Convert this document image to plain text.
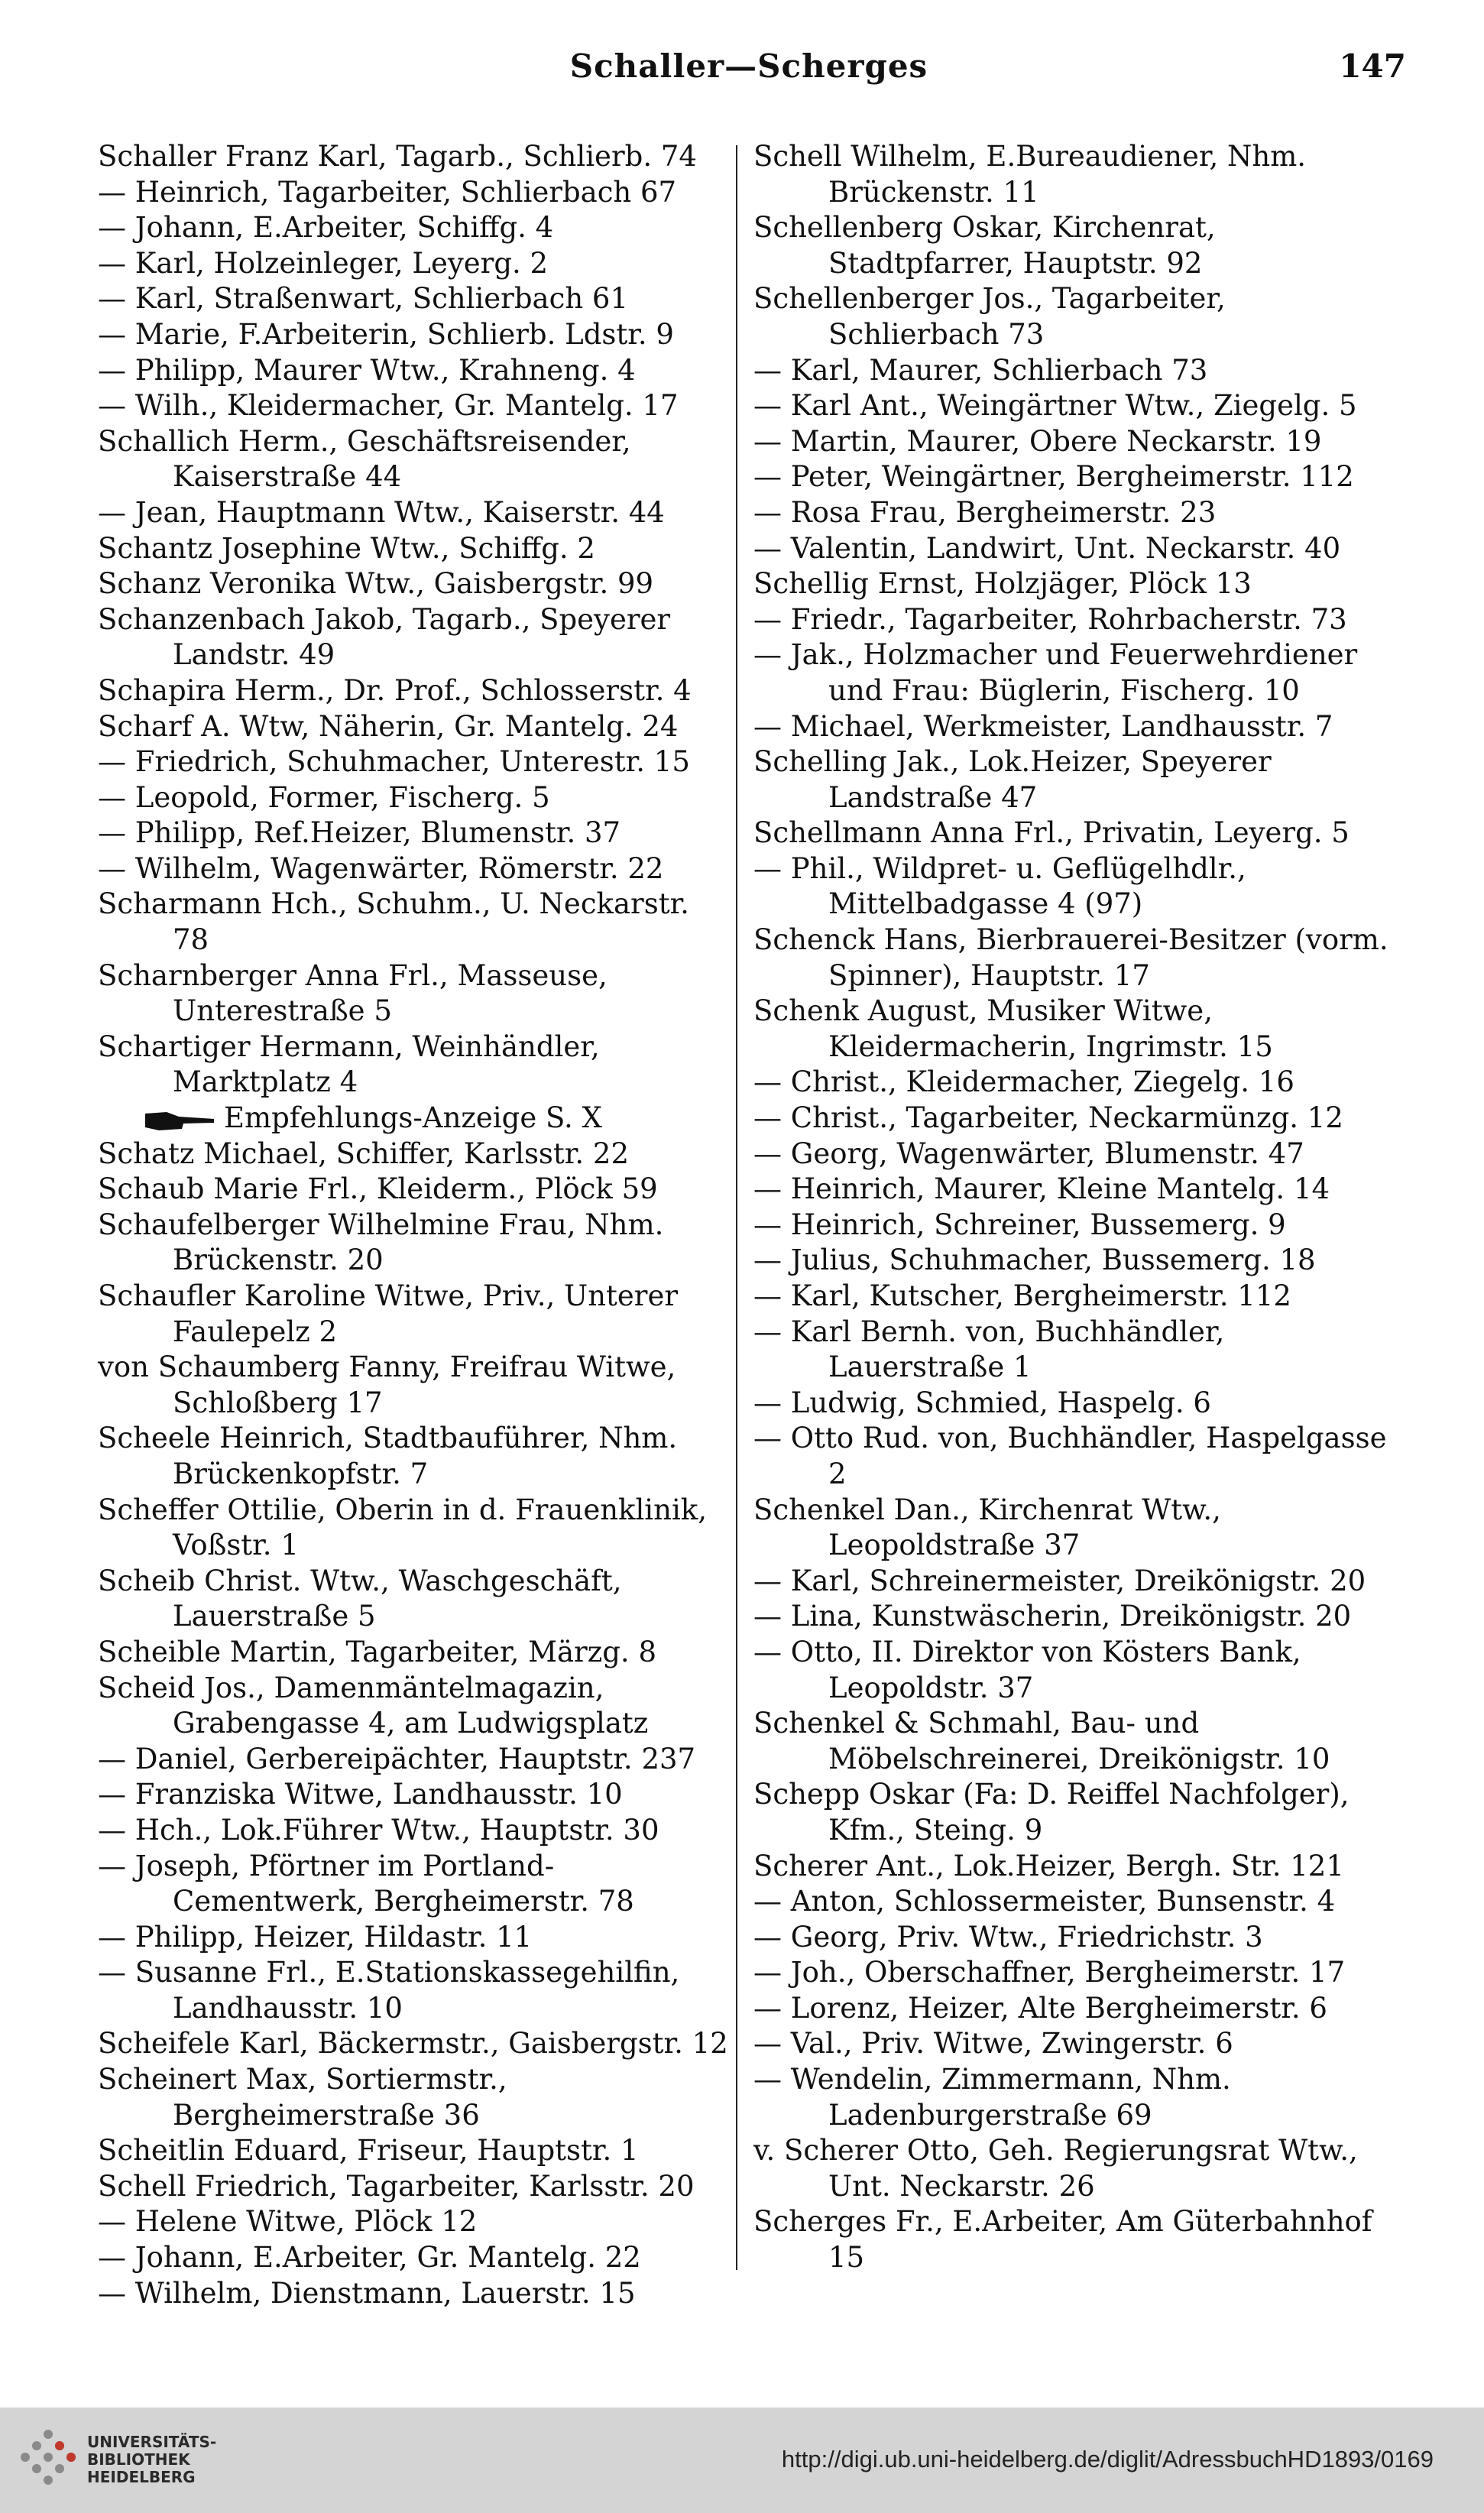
Schaller—Scherges	147

Schaller Franz Karl, Tagarb., Schlierb. 74

— Heinrich, Tagarbeiter, Schlierbach 67

— Johann, E.Arbeiter, Schiffg. 4

— Karl, Holzeinleger, Leyerg. 2

— Karl, Straßenwart, Schlierbach 61

— Marie, F.Arbeiterin, Schlierb. Ldstr. 9

— Philipp, Maurer Wtw., Krahneng. 4

— Wilh., Kleidermacher, Gr. Mantelg. 17

Schallich Herm., Geschäftsreisender, Kaiserstraße 44

— Jean, Hauptmann Wtw., Kaiserstr. 44

Schantz Josephine Wtw., Schiffg. 2

Schanz Veronika Wtw., Gaisbergstr. 99

Schanzenbach Jakob, Tagarb., Speyerer Landstr. 49

Schapira Herm., Dr. Prof., Schlosserstr. 4

Scharf A. Wtw, Näherin, Gr. Mantelg. 24

— Friedrich, Schuhmacher, Unterestr. 15

— Leopold, Former, Fischerg. 5

— Philipp, Ref.Heizer, Blumenstr. 37

— Wilhelm, Wagenwärter, Römerstr. 22

Scharmann Hch., Schuhm., U. Neckarstr. 78

Scharnberger Anna Frl., Masseuse, Unterestraße 5

Schartiger Hermann, Weinhändler, Marktplatz 4

Empfehlungs-Anzeige S. X

Schatz Michael, Schiffer, Karlsstr. 22

Schaub Marie Frl., Kleiderm., Plöck 59

Schaufelberger Wilhelmine Frau, Nhm. Brückenstr. 20

Schaufler Karoline Witwe, Priv., Unterer Faulepelz 2

von Schaumberg Fanny, Freifrau Witwe, Schloßberg 17

Scheele Heinrich, Stadtbauführer, Nhm. Brückenkopfstr. 7

Scheffer Ottilie, Oberin in d. Frauenklinik, Voßstr. 1

Scheib Christ. Wtw., Waschgeschäft, Lauerstraße 5

Scheible Martin, Tagarbeiter, Märzg. 8

Scheid Jos., Damenmäntelmagazin, Grabengasse 4, am Ludwigsplatz

— Daniel, Gerbereipächter, Hauptstr. 237

— Franziska Witwe, Landhausstr. 10

— Hch., Lok.Führer Wtw., Hauptstr. 30

— Joseph, Pförtner im Portland-Cementwerk, Bergheimerstr. 78

— Philipp, Heizer, Hildastr. 11

— Susanne Frl., E.Stationskassegehilfin, Landhausstr. 10

Scheifele Karl, Bäckermstr., Gaisbergstr. 12

Scheinert Max, Sortiermstr., Bergheimerstraße 36

Scheitlin Eduard, Friseur, Hauptstr. 1

Schell Friedrich, Tagarbeiter, Karlsstr. 20

— Helene Witwe, Plöck 12

— Johann, E.Arbeiter, Gr. Mantelg. 22

— Wilhelm, Dienstmann, Lauerstr. 15

Schell Wilhelm, E.Bureaudiener, Nhm. Brückenstr. 11

Schellenberg Oskar, Kirchenrat, Stadtpfarrer, Hauptstr. 92

Schellenberger Jos., Tagarbeiter, Schlierbach 73

— Karl, Maurer, Schlierbach 73

— Karl Ant., Weingärtner Wtw., Ziegelg. 5

— Martin, Maurer, Obere Neckarstr. 19

— Peter, Weingärtner, Bergheimerstr. 112

— Rosa Frau, Bergheimerstr. 23

— Valentin, Landwirt, Unt. Neckarstr. 40

Schellig Ernst, Holzjäger, Plöck 13

— Friedr., Tagarbeiter, Rohrbacherstr. 73

— Jak., Holzmacher und Feuerwehrdiener und Frau: Büglerin, Fischerg. 10

— Michael, Werkmeister, Landhausstr. 7

Schelling Jak., Lok.Heizer, Speyerer Landstraße 47

Schellmann Anna Frl., Privatin, Leyerg. 5

— Phil., Wildpret- u. Geflügelhdlr., Mittelbadgasse 4 (97)

Schenck Hans, Bierbrauerei-Besitzer (vorm. Spinner), Hauptstr. 17

Schenk August, Musiker Witwe, Kleidermacherin, Ingrimstr. 15

— Christ., Kleidermacher, Ziegelg. 16

— Christ., Tagarbeiter, Neckarmünzg. 12

— Georg, Wagenwärter, Blumenstr. 47

— Heinrich, Maurer, Kleine Mantelg. 14

— Heinrich, Schreiner, Bussemerg. 9

— Julius, Schuhmacher, Bussemerg. 18

— Karl, Kutscher, Bergheimerstr. 112

— Karl Bernh. von, Buchhändler, Lauerstraße 1

— Ludwig, Schmied, Haspelg. 6

— Otto Rud. von, Buchhändler, Haspelgasse 2

Schenkel Dan., Kirchenrat Wtw., Leopoldstraße 37

— Karl, Schreinermeister, Dreikönigstr. 20

— Lina, Kunstwäscherin, Dreikönigstr. 20

— Otto, II. Direktor von Kösters Bank, Leopoldstr. 37

Schenkel & Schmahl, Bau- und Möbelschreinerei, Dreikönigstr. 10

Schepp Oskar (Fa: D. Reiffel Nachfolger), Kfm., Steing. 9

Scherer Ant., Lok.Heizer, Bergh. Str. 121

— Anton, Schlossermeister, Bunsenstr. 4

— Georg, Priv. Wtw., Friedrichstr. 3

— Joh., Oberschaffner, Bergheimerstr. 17

— Lorenz, Heizer, Alte Bergheimerstr. 6

— Val., Priv. Witwe, Zwingerstr. 6

— Wendelin, Zimmermann, Nhm. Ladenburgerstraße 69

v. Scherer Otto, Geh. Regierungsrat Wtw., Unt. Neckarstr. 26

Scherges Fr., E.Arbeiter, Am Güterbahnhof 15

UNIVERSITÄTS-
BIBLIOTHEK
HEIDELBERG
http://digi.ub.uni-heidelberg.de/diglit/AdressbuchHD1893/0169
